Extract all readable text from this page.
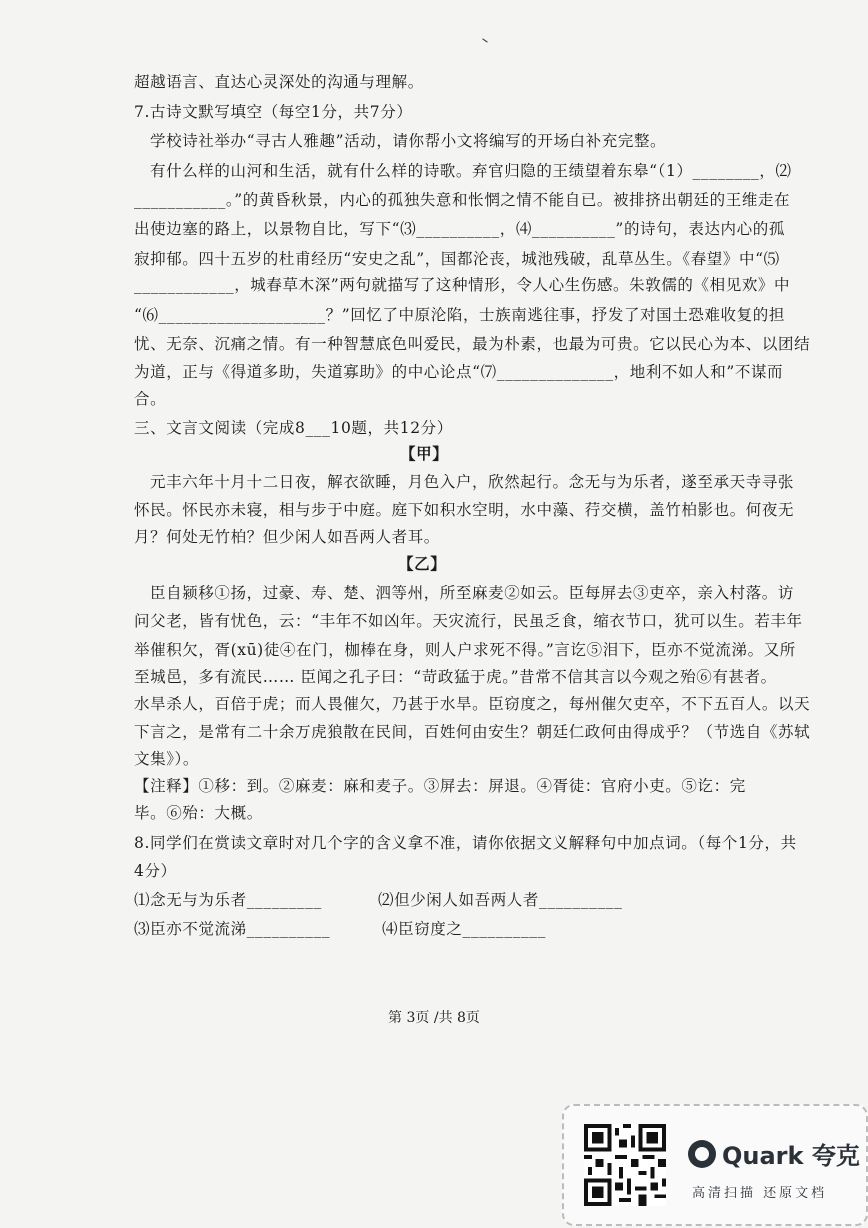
超越语言、直达心灵深处的沟通与理解。
7.古诗文默写填空（每空1分，共7分）
学校诗社举办“寻古人雅趣”活动，请你帮小文将编写的开场白补充完整。
有什么样的山河和生活，就有什么样的诗歌。弃官归隐的王绩望着东皋“（1）________，⑵
___________。”的黄昏秋景，内心的孤独失意和怅惘之情不能自已。被排挤出朝廷的王维走在
出使边塞的路上，以景物自比，写下“⑶__________，⑷__________”的诗句，表达内心的孤
寂抑郁。四十五岁的杜甫经历“安史之乱”，国都沦丧，城池残破，乱草丛生。《春望》中“⑸
____________，城春草木深”两句就描写了这种情形，令人心生伤感。朱敦儒的《相见欢》中
“⑹____________________？”回忆了中原沦陷，士族南逃往事，抒发了对国土恐难收复的担
忧、无奈、沉痛之情。有一种智慧底色叫爱民，最为朴素，也最为可贵。它以民心为本、以团结
为道，正与《得道多助，失道寡助》的中心论点“⑺______________，地利不如人和”不谋而
合。
三、文言文阅读（完成8___10题，共12分）
【甲】
元丰六年十月十二日夜，解衣欲睡，月色入户，欣然起行。念无与为乐者，遂至承天寺寻张
怀民。怀民亦未寝，相与步于中庭。庭下如积水空明，水中藻、荇交横，盖竹柏影也。何夜无
月？何处无竹柏？但少闲人如吾两人者耳。
【乙】
臣自颍移①扬，过豪、寿、楚、泗等州，所至麻麦②如云。臣每屏去③吏卒，亲入村落。访
问父老，皆有忧色，云：“丰年不如凶年。天灾流行，民虽乏食，缩衣节口，犹可以生。若丰年
举催积欠，胥(xū)徒④在门，枷棒在身，则人户求死不得。”言讫⑤泪下，臣亦不觉流涕。又所
至城邑，多有流民…… 臣闻之孔子曰：“苛政猛于虎。”昔常不信其言以今观之殆⑥有甚者。
水旱杀人，百倍于虎；而人畏催欠，乃甚于水旱。臣窃度之，每州催欠吏卒，不下五百人。以天
下言之，是常有二十余万虎狼散在民间，百姓何由安生？朝廷仁政何由得成乎？（节选自《苏轼
文集》）。
【注释】①移：到。②麻麦：麻和麦子。③屏去：屏退。④胥徒：官府小吏。⑤讫：完
毕。⑥殆：大概。
8.同学们在赏读文章时对几个字的含义拿不准，请你依据文义解释句中加点词。（每个1分，共
4分）
⑴念无与为乐者_________	⑵但少闲人如吾两人者__________
⑶臣亦不觉流涕__________	⑷臣窃度之__________
第 3页 /共 8页
Quark 夸克
高清扫描 还原文档
